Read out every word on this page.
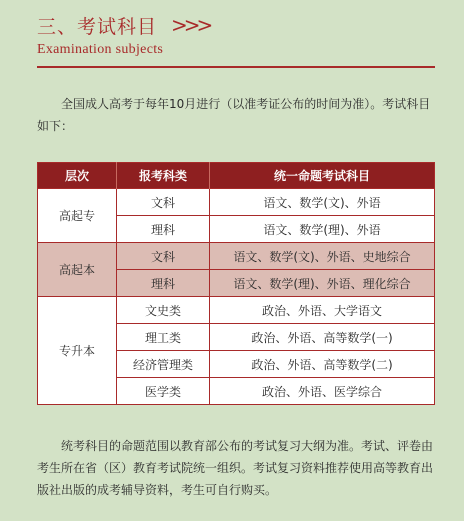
三、考试科目 >>>
Examination subjects

全国成人高考于每年10月进行（以准考证公布的时间为准）。考试科目如下：

层次	报考科类	统一命题考试科目
高起专	文科	语文、数学(文)、外语
	理科	语文、数学(理)、外语
高起本	文科	语文、数学(文)、外语、史地综合
	理科	语文、数学(理)、外语、理化综合
专升本	文史类	政治、外语、大学语文
	理工类	政治、外语、高等数学(一)
	经济管理类	政治、外语、高等数学(二)
	医学类	政治、外语、医学综合

统考科目的命题范围以教育部公布的考试复习大纲为准。考试、评卷由考生所在省（区）教育考试院统一组织。考试复习资料推荐使用高等教育出版社出版的成考辅导资料，考生可自行购买。
